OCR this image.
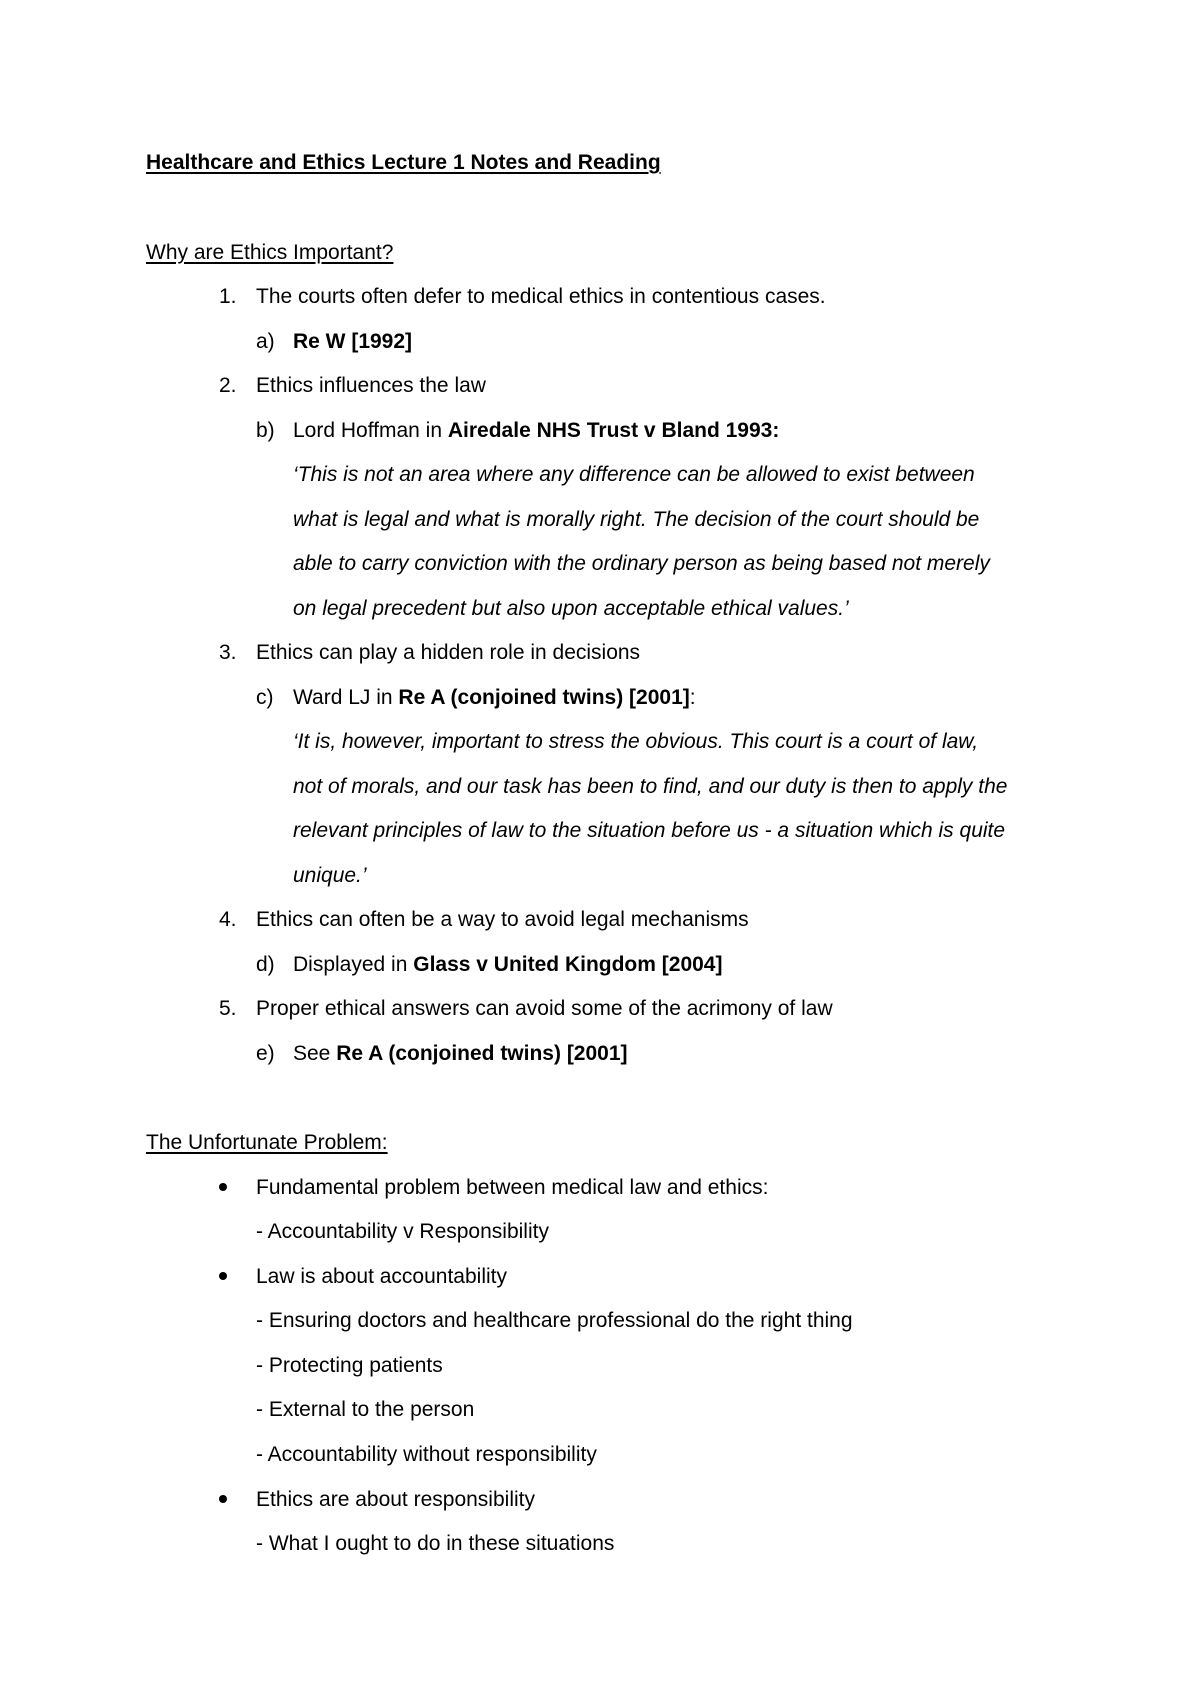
Healthcare and Ethics Lecture 1 Notes and Reading
Why are Ethics Important?
1. The courts often defer to medical ethics in contentious cases.
a) Re W [1992]
2. Ethics influences the law
b) Lord Hoffman in Airedale NHS Trust v Bland 1993:
‘This is not an area where any difference can be allowed to exist between
what is legal and what is morally right. The decision of the court should be
able to carry conviction with the ordinary person as being based not merely
on legal precedent but also upon acceptable ethical values.’
3. Ethics can play a hidden role in decisions
c) Ward LJ in Re A (conjoined twins) [2001]:
‘It is, however, important to stress the obvious. This court is a court of law,
not of morals, and our task has been to find, and our duty is then to apply the
relevant principles of law to the situation before us - a situation which is quite
unique.’
4. Ethics can often be a way to avoid legal mechanisms
d) Displayed in Glass v United Kingdom [2004]
5. Proper ethical answers can avoid some of the acrimony of law
e) See Re A (conjoined twins) [2001]
The Unfortunate Problem:
Fundamental problem between medical law and ethics:
- Accountability v Responsibility
Law is about accountability
- Ensuring doctors and healthcare professional do the right thing
- Protecting patients
- External to the person
- Accountability without responsibility
Ethics are about responsibility
- What I ought to do in these situations
